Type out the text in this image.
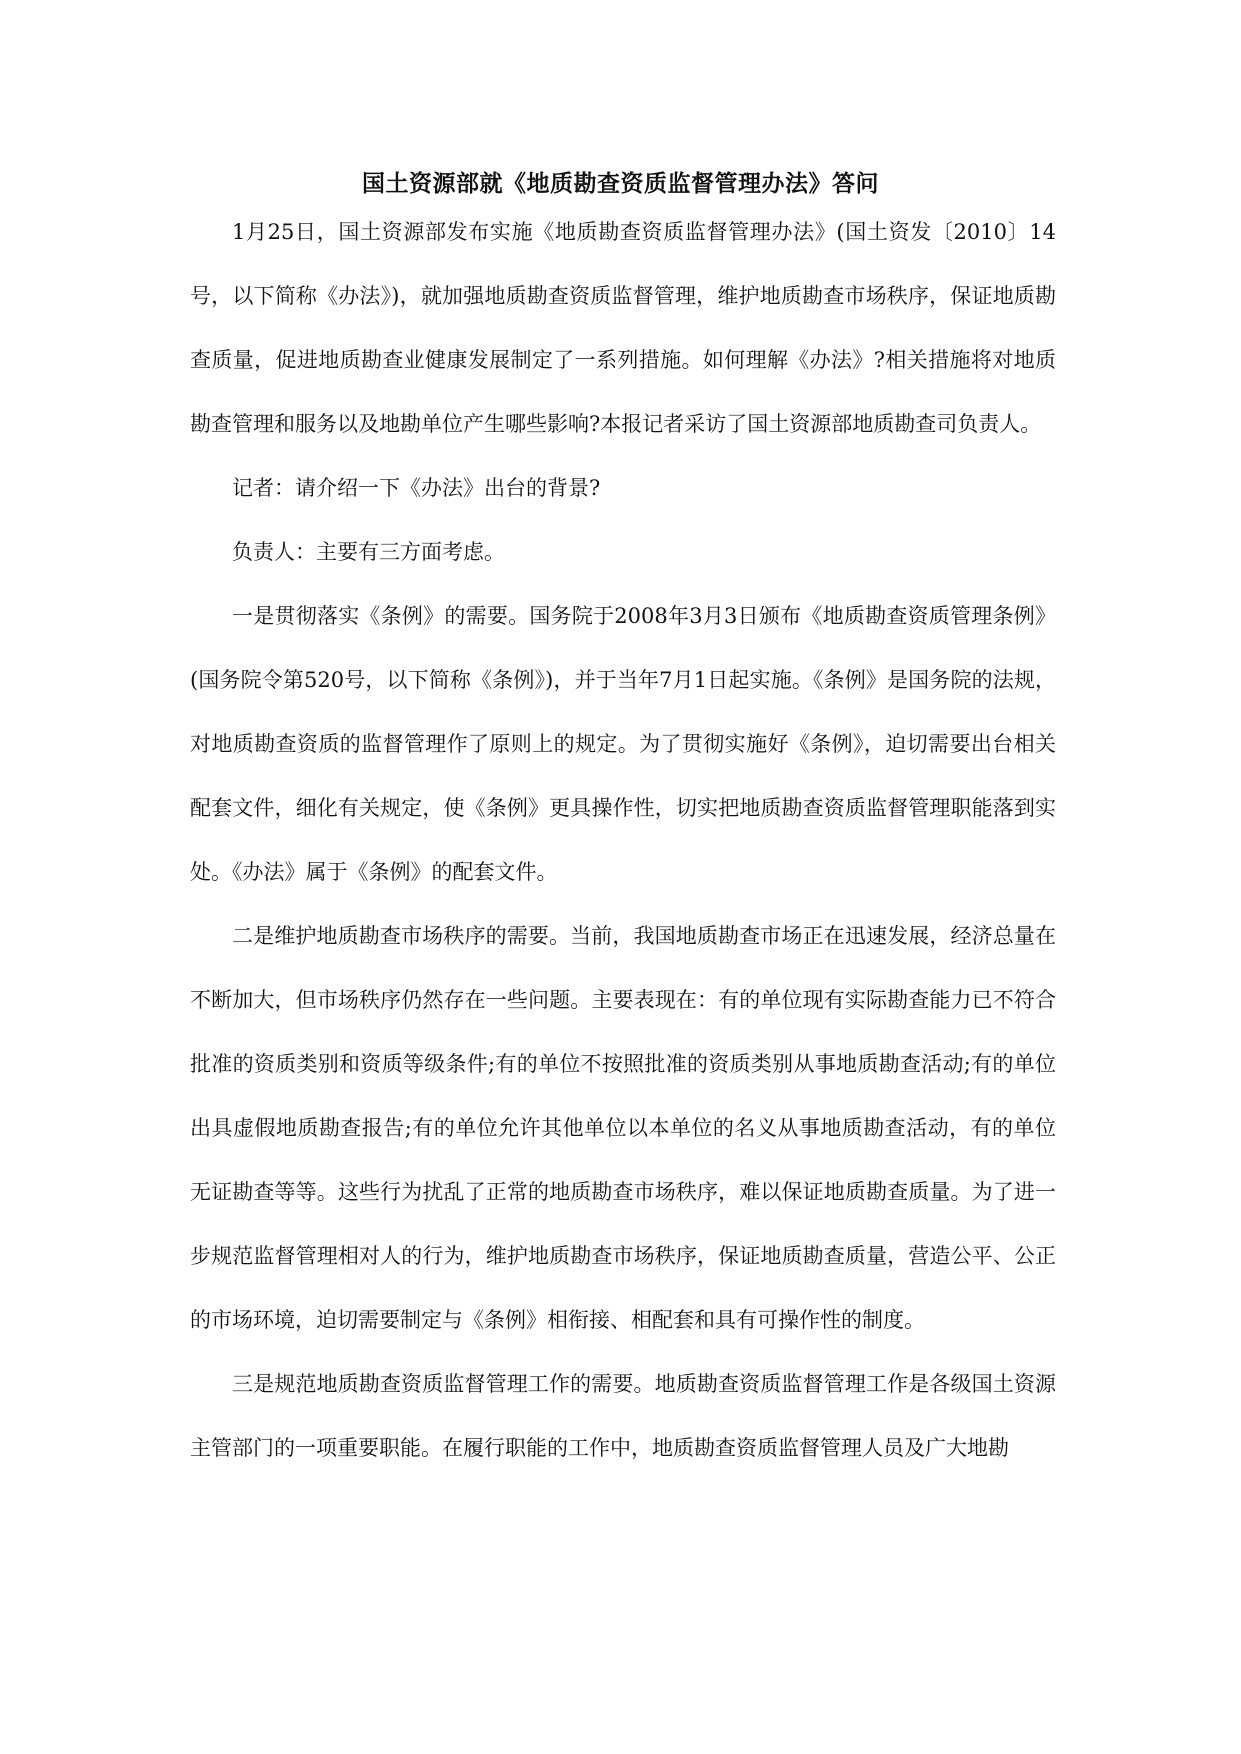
国土资源部就《地质勘查资质监督管理办法》答问

1月25日，国土资源部发布实施《地质勘查资质监督管理办法》(国土资发〔2010〕14号，以下简称《办法》)，就加强地质勘查资质监督管理，维护地质勘查市场秩序，保证地质勘查质量，促进地质勘查业健康发展制定了一系列措施。如何理解《办法》?相关措施将对地质勘查管理和服务以及地勘单位产生哪些影响?本报记者采访了国土资源部地质勘查司负责人。

记者：请介绍一下《办法》出台的背景?

负责人：主要有三方面考虑。

一是贯彻落实《条例》的需要。国务院于2008年3月3日颁布《地质勘查资质管理条例》(国务院令第520号，以下简称《条例》)，并于当年7月1日起实施。《条例》是国务院的法规，对地质勘查资质的监督管理作了原则上的规定。为了贯彻实施好《条例》，迫切需要出台相关配套文件，细化有关规定，使《条例》更具操作性，切实把地质勘查资质监督管理职能落到实处。《办法》属于《条例》的配套文件。

二是维护地质勘查市场秩序的需要。当前，我国地质勘查市场正在迅速发展，经济总量在不断加大，但市场秩序仍然存在一些问题。主要表现在：有的单位现有实际勘查能力已不符合批准的资质类别和资质等级条件;有的单位不按照批准的资质类别从事地质勘查活动;有的单位出具虚假地质勘查报告;有的单位允许其他单位以本单位的名义从事地质勘查活动，有的单位无证勘查等等。这些行为扰乱了正常的地质勘查市场秩序，难以保证地质勘查质量。为了进一步规范监督管理相对人的行为，维护地质勘查市场秩序，保证地质勘查质量，营造公平、公正的市场环境，迫切需要制定与《条例》相衔接、相配套和具有可操作性的制度。

三是规范地质勘查资质监督管理工作的需要。地质勘查资质监督管理工作是各级国土资源主管部门的一项重要职能。在履行职能的工作中，地质勘查资质监督管理人员及广大地勘
